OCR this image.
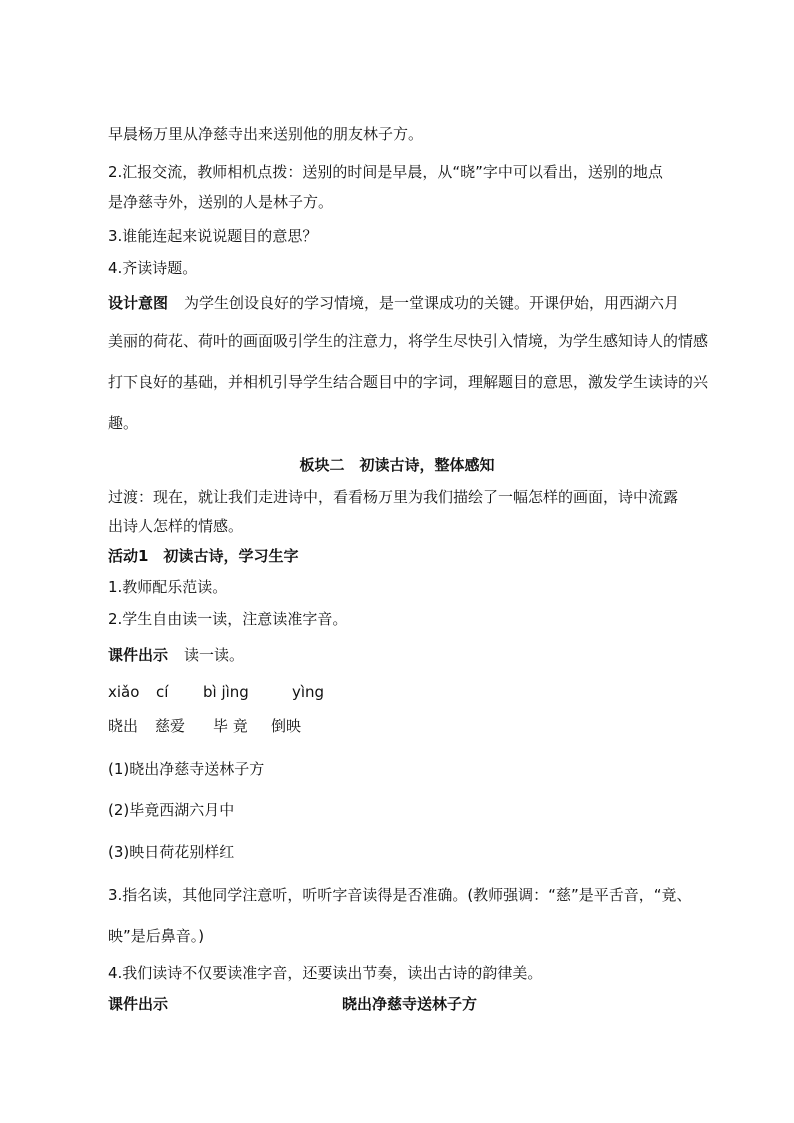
早晨杨万里从净慈寺出来送别他的朋友林子方。
2.汇报交流，教师相机点拨：送别的时间是早晨，从“晓”字中可以看出，送别的地点
是净慈寺外，送别的人是林子方。
3.谁能连起来说说题目的意思？
4.齐读诗题。
设计意图 为学生创设良好的学习情境，是一堂课成功的关键。开课伊始，用西湖六月
美丽的荷花、荷叶的画面吸引学生的注意力，将学生尽快引入情境，为学生感知诗人的情感
打下良好的基础，并相机引导学生结合题目中的字词，理解题目的意思，激发学生读诗的兴
趣。
板块二　初读古诗，整体感知
过渡：现在，就让我们走进诗中，看看杨万里为我们描绘了一幅怎样的画面，诗中流露
出诗人怎样的情感。
活动1　初读古诗，学习生字
1.教师配乐范读。
2.学生自由读一读，注意读准字音。
课件出示 读一读。
xiǎo cí bì jìng	yìng
晓出 慈爱 毕 竟 倒映
(1)晓出净慈寺送林子方
(2)毕竟西湖六月中
(3)映日荷花别样红
3.指名读，其他同学注意听，听听字音读得是否准确。(教师强调：“慈”是平舌音，“竟、
映”是后鼻音。)
4.我们读诗不仅要读准字音，还要读出节奏，读出古诗的韵律美。
课件出示	晓出净慈寺送林子方
